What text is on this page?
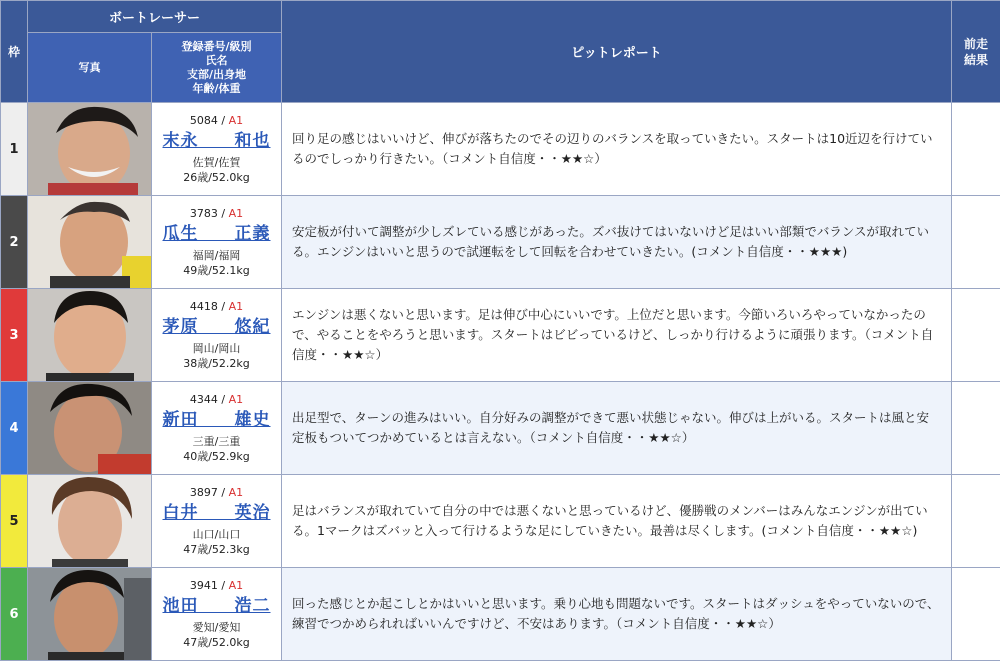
枠	ボートレーサー		ピットレポート	前走
結果

	写真	登録番号/級別
氏名
支部/出身地
年齢/体重		

1		5084 / A1
末永　　和也
佐賀/佐賀
26歳/52.0kg	回り足の感じはいいけど、伸びが落ちたのでその辺りのバランスを取っていきたい。スタートは10近辺を行けているのでしっかり行きたい。（コメント自信度・・★★☆）	
2		3783 / A1
瓜生　　正義
福岡/福岡
49歳/52.1kg	安定板が付いて調整が少しズレている感じがあった。ズバ抜けてはいないけど足はいい部類でバランスが取れている。エンジンはいいと思うので試運転をして回転を合わせていきたい。(コメント自信度・・★★★)	
3		4418 / A1
茅原　　悠紀
岡山/岡山
38歳/52.2kg	エンジンは悪くないと思います。足は伸び中心にいいです。上位だと思います。今節いろいろやっていなかったので、やることをやろうと思います。スタートはビビっているけど、しっかり行けるように頑張ります。（コメント自信度・・★★☆）	
4		4344 / A1
新田　　雄史
三重/三重
40歳/52.9kg	出足型で、ターンの進みはいい。自分好みの調整ができて悪い状態じゃない。伸びは上がいる。スタートは風と安定板もついてつかめているとは言えない。（コメント自信度・・★★☆）	
5		3897 / A1
白井　　英治
山口/山口
47歳/52.3kg	足はバランスが取れていて自分の中では悪くないと思っているけど、優勝戦のメンバーはみんなエンジンが出ている。1マークはズバッと入って行けるような足にしていきたい。最善は尽くします。(コメント自信度・・★★☆)	
6		3941 / A1
池田　　浩二
愛知/愛知
47歳/52.0kg	回った感じとか起こしとかはいいと思います。乗り心地も問題ないです。スタートはダッシュをやっていないので、練習でつかめられればいいんですけど、不安はあります。（コメント自信度・・★★☆）	
